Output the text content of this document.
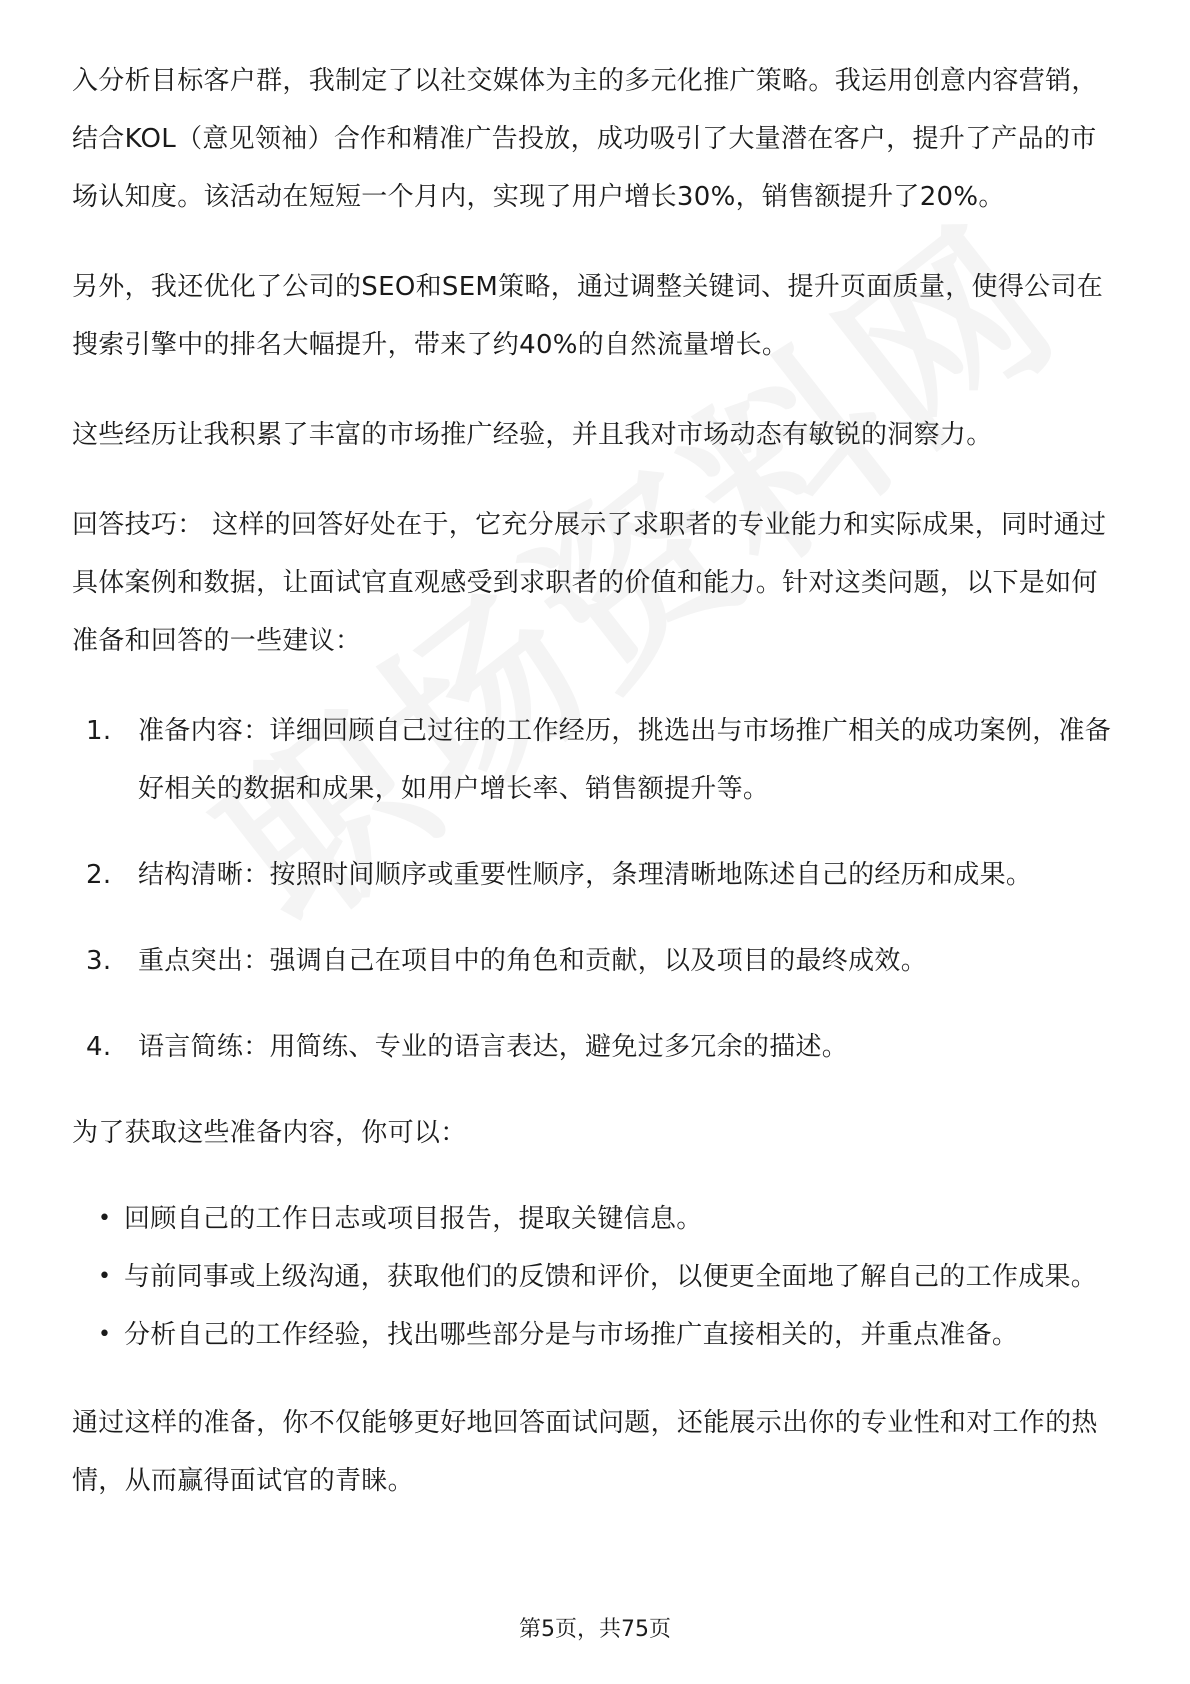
入分析目标客户群，我制定了以社交媒体为主的多元化推广策略。我运用创意内容营销，结合KOL（意见领袖）合作和精准广告投放，成功吸引了大量潜在客户，提升了产品的市场认知度。该活动在短短一个月内，实现了用户增长30%，销售额提升了20%。

另外，我还优化了公司的SEO和SEM策略，通过调整关键词、提升页面质量，使得公司在搜索引擎中的排名大幅提升，带来了约40%的自然流量增长。

这些经历让我积累了丰富的市场推广经验，并且我对市场动态有敏锐的洞察力。

回答技巧： 这样的回答好处在于，它充分展示了求职者的专业能力和实际成果，同时通过具体案例和数据，让面试官直观感受到求职者的价值和能力。针对这类问题，以下是如何准备和回答的一些建议：

1.	准备内容：详细回顾自己过往的工作经历，挑选出与市场推广相关的成功案例，准备好相关的数据和成果，如用户增长率、销售额提升等。
2.	结构清晰：按照时间顺序或重要性顺序，条理清晰地陈述自己的经历和成果。
3.	重点突出：强调自己在项目中的角色和贡献，以及项目的最终成效。
4.	语言简练：用简练、专业的语言表达，避免过多冗余的描述。

为了获取这些准备内容，你可以：

• 回顾自己的工作日志或项目报告，提取关键信息。
• 与前同事或上级沟通，获取他们的反馈和评价，以便更全面地了解自己的工作成果。
• 分析自己的工作经验，找出哪些部分是与市场推广直接相关的，并重点准备。

通过这样的准备，你不仅能够更好地回答面试问题，还能展示出你的专业性和对工作的热情，从而赢得面试官的青睐。

第5页，共75页
